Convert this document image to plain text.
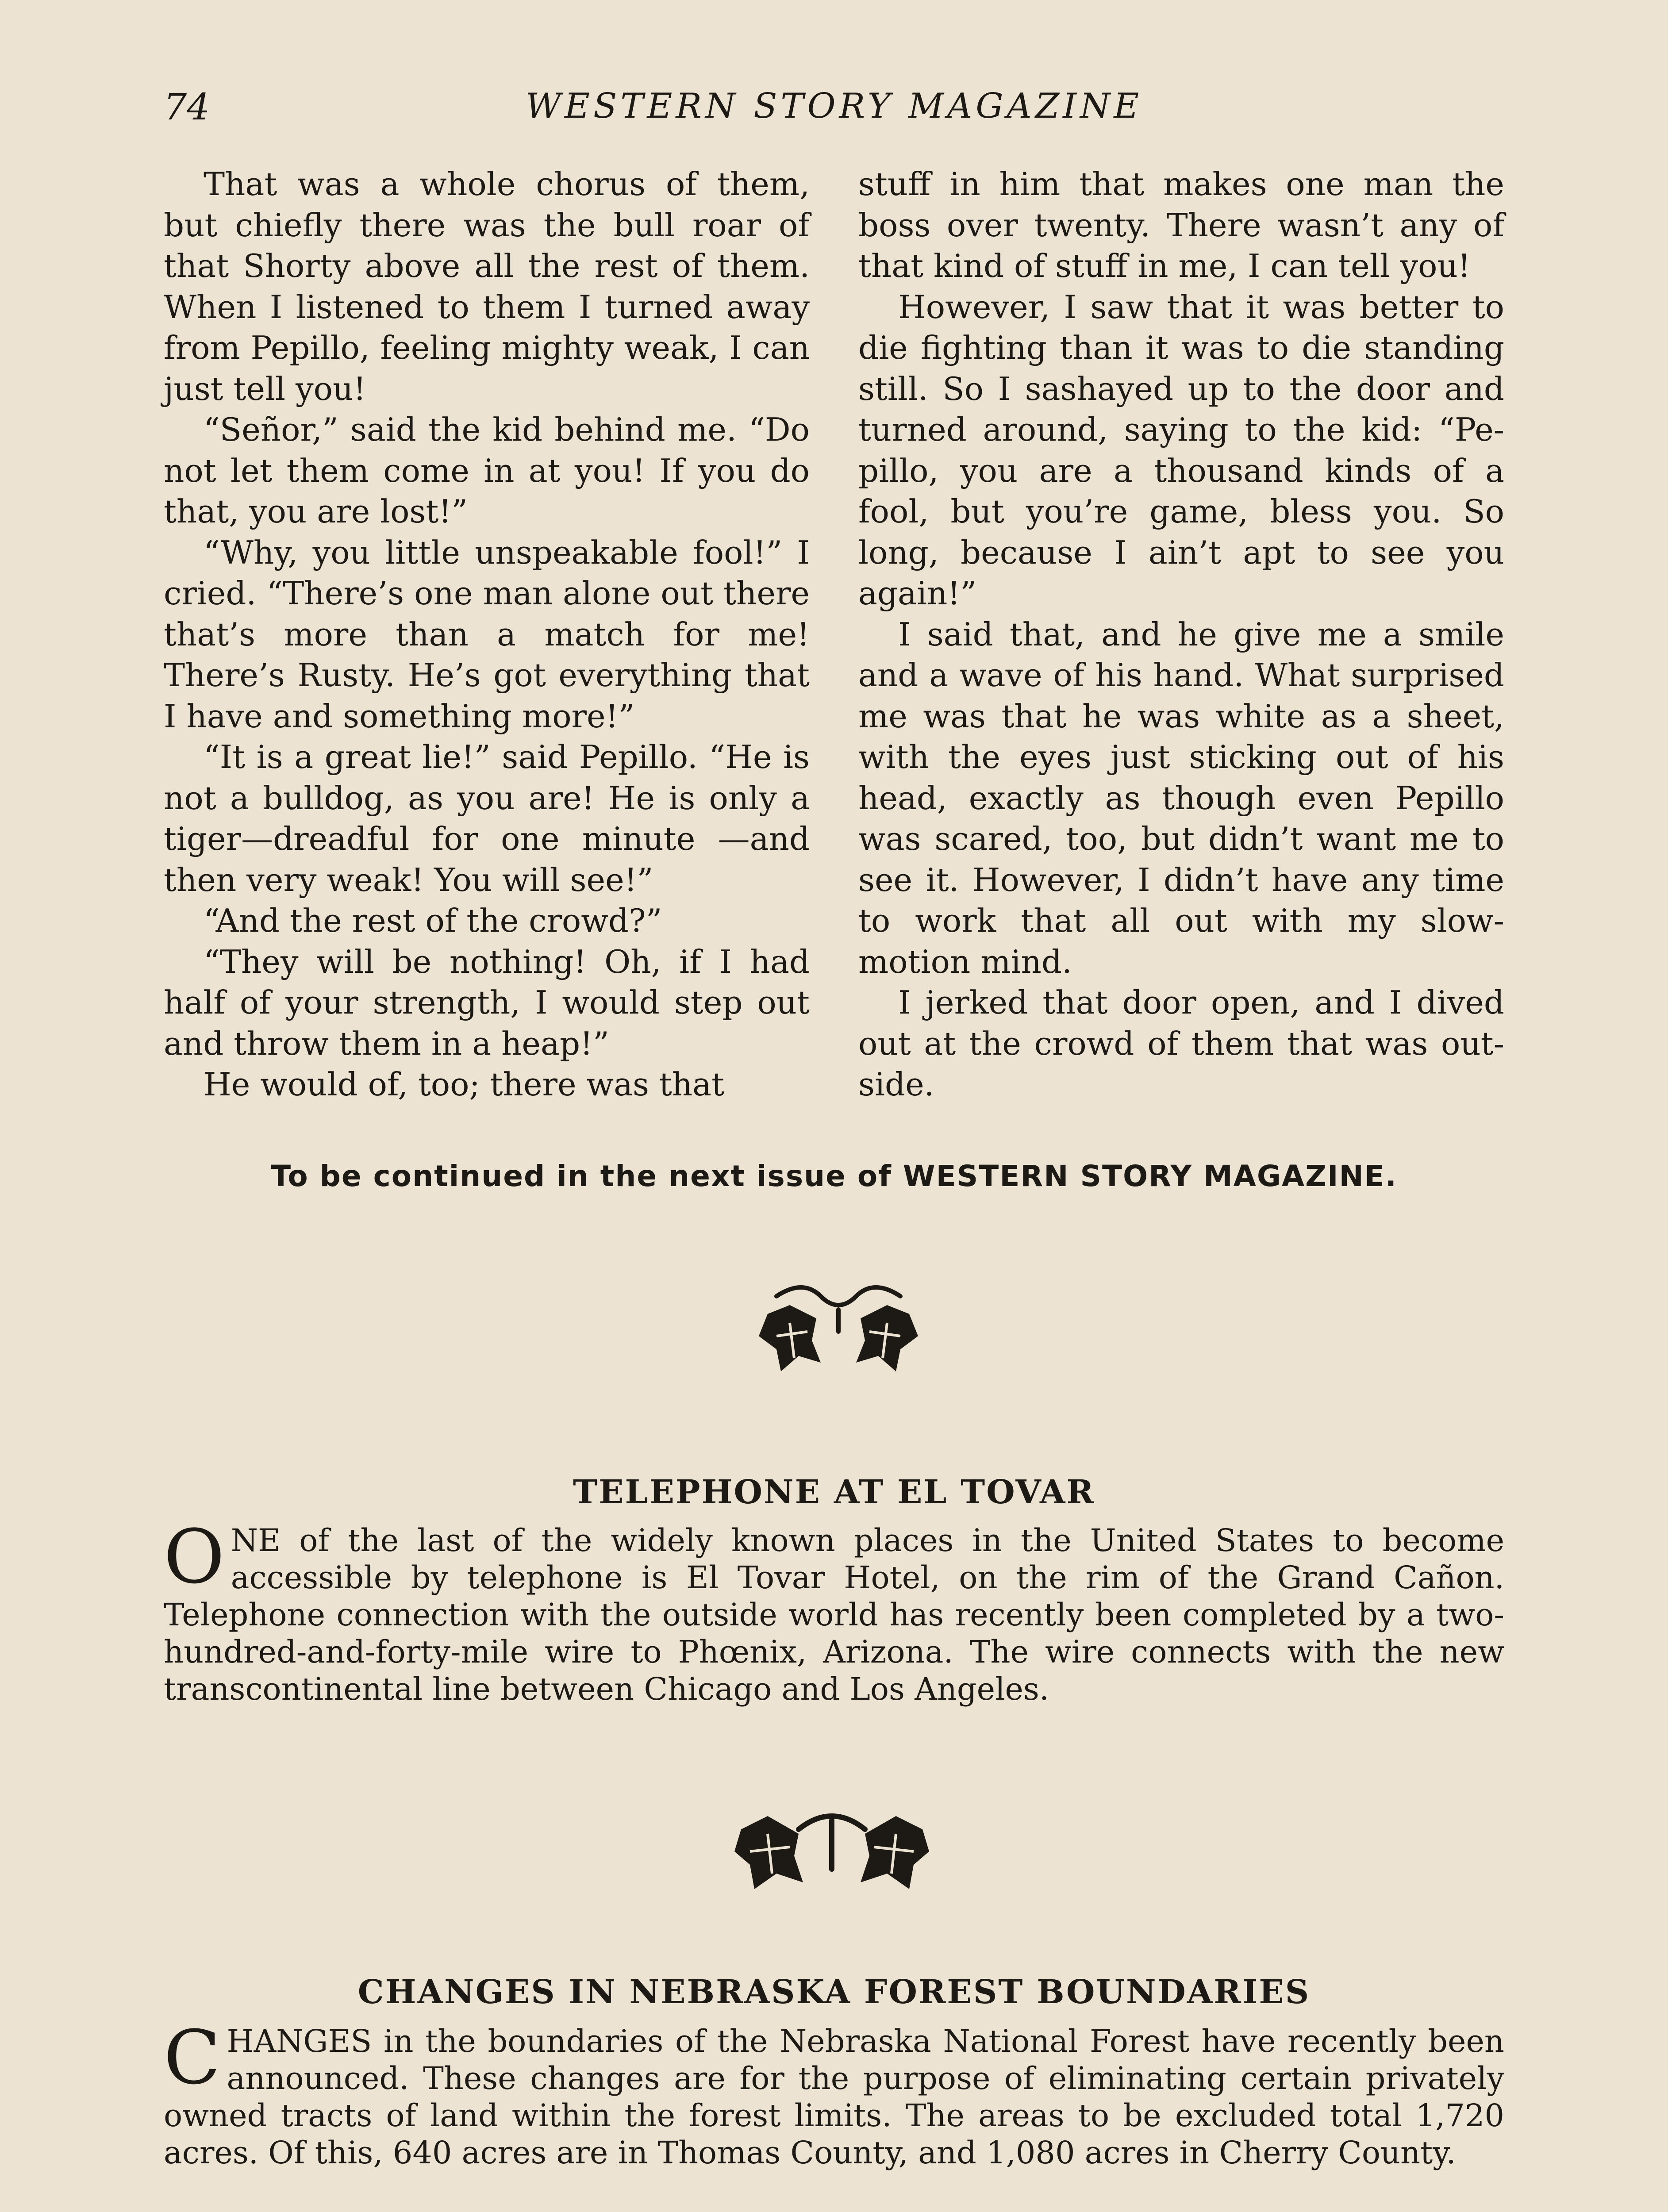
74	WESTERN STORY MAGAZINE

That was a whole chorus of them, but chiefly there was the bull roar of that Shorty above all the rest of them. When I listened to them I turned away from Pepillo, feeling mighty weak, I can just tell you!

“Señor,” said the kid behind me. “Do not let them come in at you! If you do that, you are lost!”

“Why, you little unspeakable fool!” I cried. “There’s one man alone out there that’s more than a match for me! There’s Rusty. He’s got everything that I have and something more!”

“It is a great lie!” said Pepillo. “He is not a bulldog, as you are! He is only a tiger—dreadful for one minute —and then very weak! You will see!”

“And the rest of the crowd?”

“They will be nothing! Oh, if I had half of your strength, I would step out and throw them in a heap!”

He would of, too; there was that

stuff in him that makes one man the boss over twenty. There wasn’t any of that kind of stuff in me, I can tell you!

However, I saw that it was better to die fighting than it was to die standing still. So I sashayed up to the door and turned around, saying to the kid: “Pepillo, you are a thousand kinds of a fool, but you’re game, bless you. So long, because I ain’t apt to see you again!”

I said that, and he give me a smile and a wave of his hand. What surprised me was that he was white as a sheet, with the eyes just sticking out of his head, exactly as though even Pepillo was scared, too, but didn’t want me to see it. However, I didn’t have any time to work that all out with my slow-motion mind.

I jerked that door open, and I dived out at the crowd of them that was outside.

To be continued in the next issue of WESTERN STORY MAGAZINE.
TELEPHONE AT EL TOVAR
O NE of the last of the widely known places in the United States to become accessible by telephone is El Tovar Hotel, on the rim of the Grand Cañon. Telephone connection with the outside world has recently been completed by a two-hundred-and-forty-mile wire to Phœnix, Arizona. The wire connects with the new transcontinental line between Chicago and Los Angeles.
CHANGES IN NEBRASKA FOREST BOUNDARIES
C HANGES in the boundaries of the Nebraska National Forest have recently been announced. These changes are for the purpose of eliminating certain privately owned tracts of land within the forest limits. The areas to be excluded total 1,720 acres. Of this, 640 acres are in Thomas County, and 1,080 acres in Cherry County.
